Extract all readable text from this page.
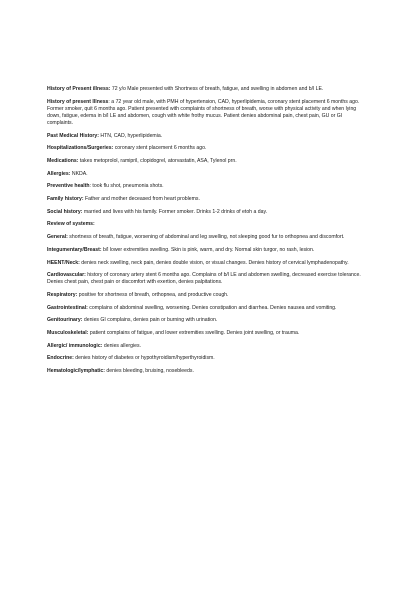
History of Present illness: 72 y/o Male presented with Shortness of breath, fatigue, and swelling in abdomen and b/l LE.

History of present Illness: a 72 year old male, with PMH of hypertension, CAD, hyperlipidemia, coronary stent placement 6 months ago. Former smoker, quit 6 months ago. Patient presented with complaints of shortness of breath, worse with physical activity and when lying down, fatigue, edema in b/l LE and abdomen, cough with white frothy mucus. Patient denies abdominal pain, chest pain, GU or GI complaints.

Past Medical History: HTN, CAD, hyperlipidemia.

Hospitalizations/Surgeries: coronary stent placement 6 months ago.

Medications: takes metoprolol, ramipril, clopidogrel, atorvastatin, ASA, Tylenol prn.

Allergies: NKDA.

Preventive health: took flu shot, pneumonia shots.

Family history: Father and mother deceased from heart problems.

Social history: married and lives with his family. Former smoker. Drinks 1-2 drinks of etoh a day.

Review of systems:

General: shortness of breath, fatigue, worsening of abdominal and leg swelling, not sleeping good fur to orthopnea and discomfort.

Integumentary/Breast: b/l lower extremities swelling. Skin is pink, warm, and dry. Normal skin turgor, no rash, lesion.

HEENT/Neck: denies neck swelling, neck pain, denies double vision, or visual changes. Denies history of cervical lymphadenopathy.

Cardiovascular: history of coronary artery stent 6 months ago. Complains of b/l LE and abdomen swelling, decreased exercise tolerance. Denies chest pain, chest pain or discomfort with exertion, denies palpitations.

Respiratory: positive for shortness of breath, orthopnea, and productive cough.

Gastrointestinal: complains of abdominal swelling, worsening. Denies constipation and diarrhea. Denies nausea and vomiting.

Genitourinary: denies GI complains, denies pain or burning with urination.

Musculoskeletal: patient complains of fatigue, and lower extremities swelling. Denies joint swelling, or trauma.

Allergic/ immunologic: denies allergies.

Endocrine: denies history of diabetes or hypothyroidism/hyperthyroidism.

Hematologic/lymphatic: denies bleeding, bruising, nosebleeds.
